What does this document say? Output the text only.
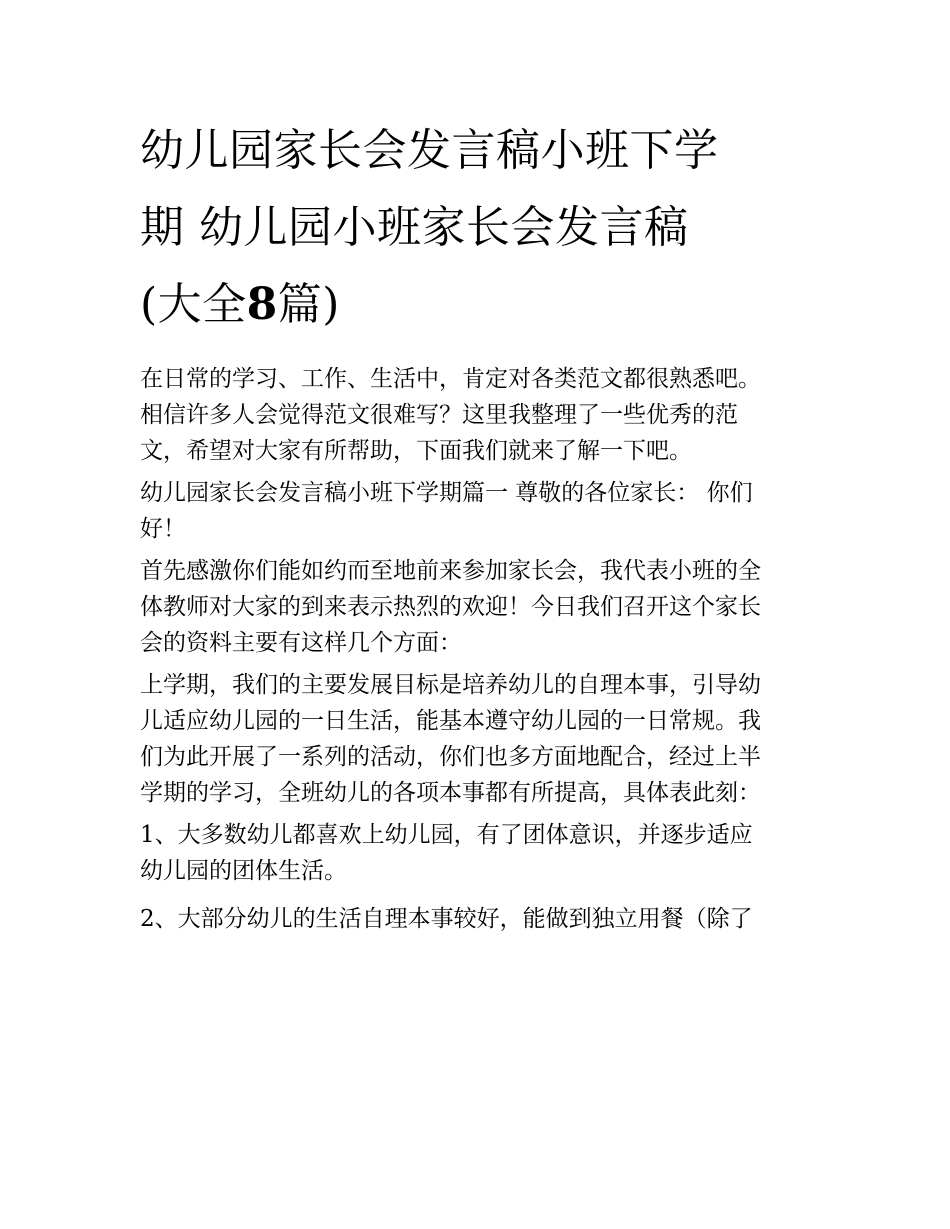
幼儿园家长会发言稿小班下学
期 幼儿园小班家长会发言稿
(大全8篇)

在日常的学习、工作、生活中，肯定对各类范文都很熟悉吧。
相信许多人会觉得范文很难写？这里我整理了一些优秀的范
文，希望对大家有所帮助，下面我们就来了解一下吧。

幼儿园家长会发言稿小班下学期篇一 尊敬的各位家长： 你们
好！

首先感激你们能如约而至地前来参加家长会，我代表小班的全
体教师对大家的到来表示热烈的欢迎！今日我们召开这个家长
会的资料主要有这样几个方面：

上学期，我们的主要发展目标是培养幼儿的自理本事，引导幼
儿适应幼儿园的一日生活，能基本遵守幼儿园的一日常规。我
们为此开展了一系列的活动，你们也多方面地配合，经过上半
学期的学习，全班幼儿的各项本事都有所提高，具体表此刻：

1、大多数幼儿都喜欢上幼儿园，有了团体意识，并逐步适应
幼儿园的团体生活。

2、大部分幼儿的生活自理本事较好，能做到独立用餐（除了
